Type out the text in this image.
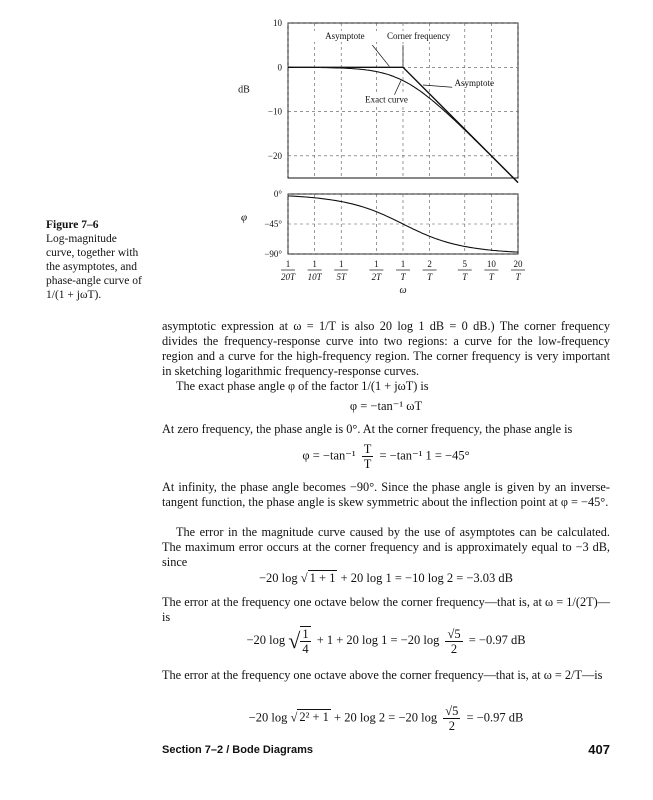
Figure 7–6
Log-magnitude
curve, together with
the asymptotes, and
phase-angle curve of
1/(1 + jωT).
1
20T
1
10T
1
5T
1
2T
1
T
2
T
5
T
10
T
20
T
ω
10
0
−10
−20
dB
0°
−45°
−90°
φ
Asymptote Corner frequency
Asymptote
Exact curve
asymptotic expression at ω = 1/T is also 20 log 1 dB = 0 dB.) The corner frequency divides the frequency-response curve into two regions: a curve for the low-frequency region and a curve for the high-frequency region. The corner frequency is very important in sketching logarithmic frequency-response curves.
The exact phase angle φ of the factor 1/(1 + jωT) is
φ = −tan⁻¹ ωT
At zero frequency, the phase angle is 0°. At the corner frequency, the phase angle is
$\varphi = -\tan^{-1} \frac{T}{T} = -\tan^{-1}$ 1 = −45°
At infinity, the phase angle becomes −90°. Since the phase angle is given by an inverse-tangent function, the phase angle is skew symmetric about the inflection point at φ = −45°.
The error in the magnitude curve caused by the use of asymptotes can be calculated. The maximum error occurs at the corner frequency and is approximately equal to −3 dB, since
−20 log √ 1 + 1 + 20 log 1 = −10 log 2 = −3.03 dB
The error at the frequency one octave below the corner frequency—that is, at ω = 1/(2T)—is
−20 log √ $\frac{1}{4} + 1 + 20$ log 1 = −20 $\log \frac{√5}{2} = -0.97$ dB
The error at the frequency one octave above the corner frequency—that is, at ω = 2/T—is
−20 log √ 2² + 1 + 20 log 2 = −20 $\log \frac{√5}{2} = -0.97$ dB
Section 7–2 / Bode Diagrams	407
